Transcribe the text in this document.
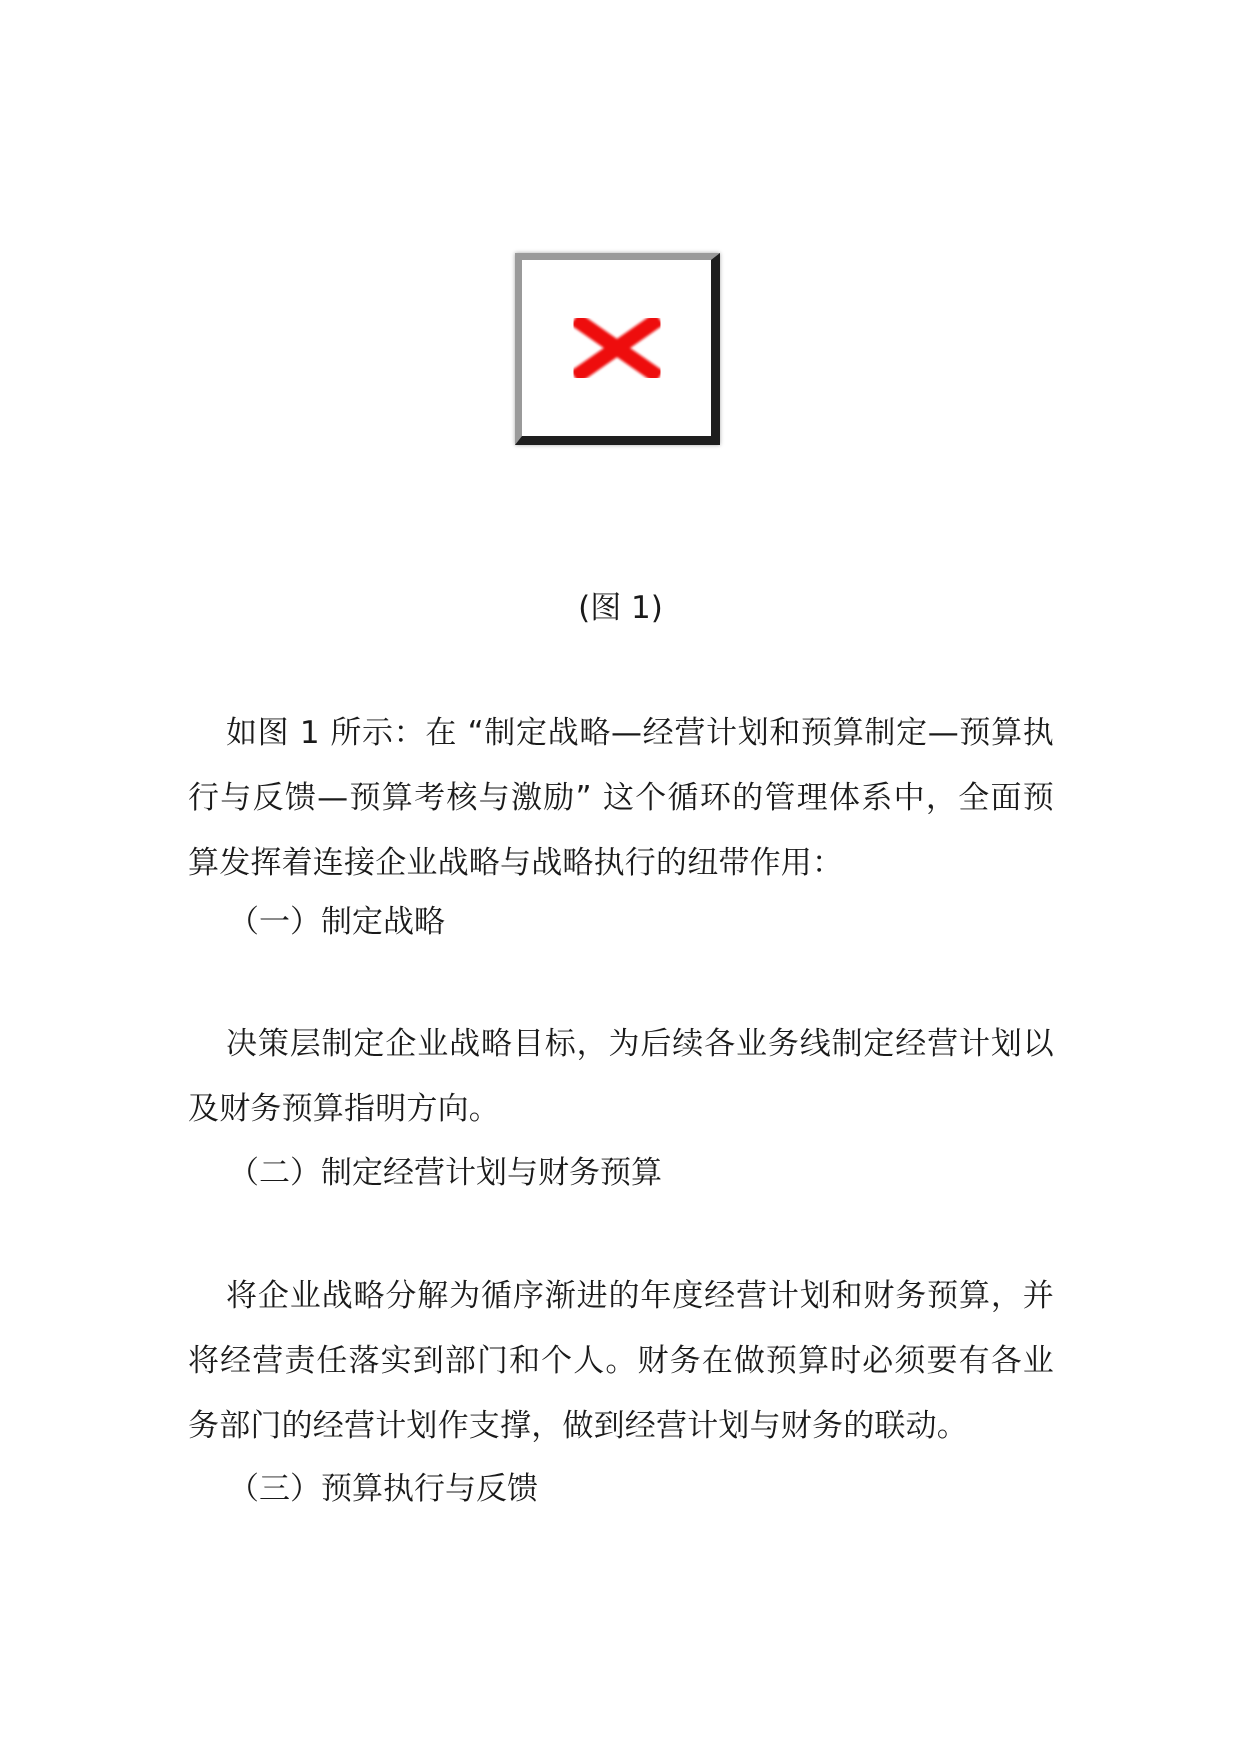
(图 1)

如图 1 所示：在 “制定战略—经营计划和预算制定—预算执行与反馈—预算考核与激励” 这个循环的管理体系中，全面预算发挥着连接企业战略与战略执行的纽带作用：

（一）制定战略

决策层制定企业战略目标，为后续各业务线制定经营计划以及财务预算指明方向。

（二）制定经营计划与财务预算

将企业战略分解为循序渐进的年度经营计划和财务预算，并将经营责任落实到部门和个人。财务在做预算时必须要有各业务部门的经营计划作支撑，做到经营计划与财务的联动。

（三）预算执行与反馈
